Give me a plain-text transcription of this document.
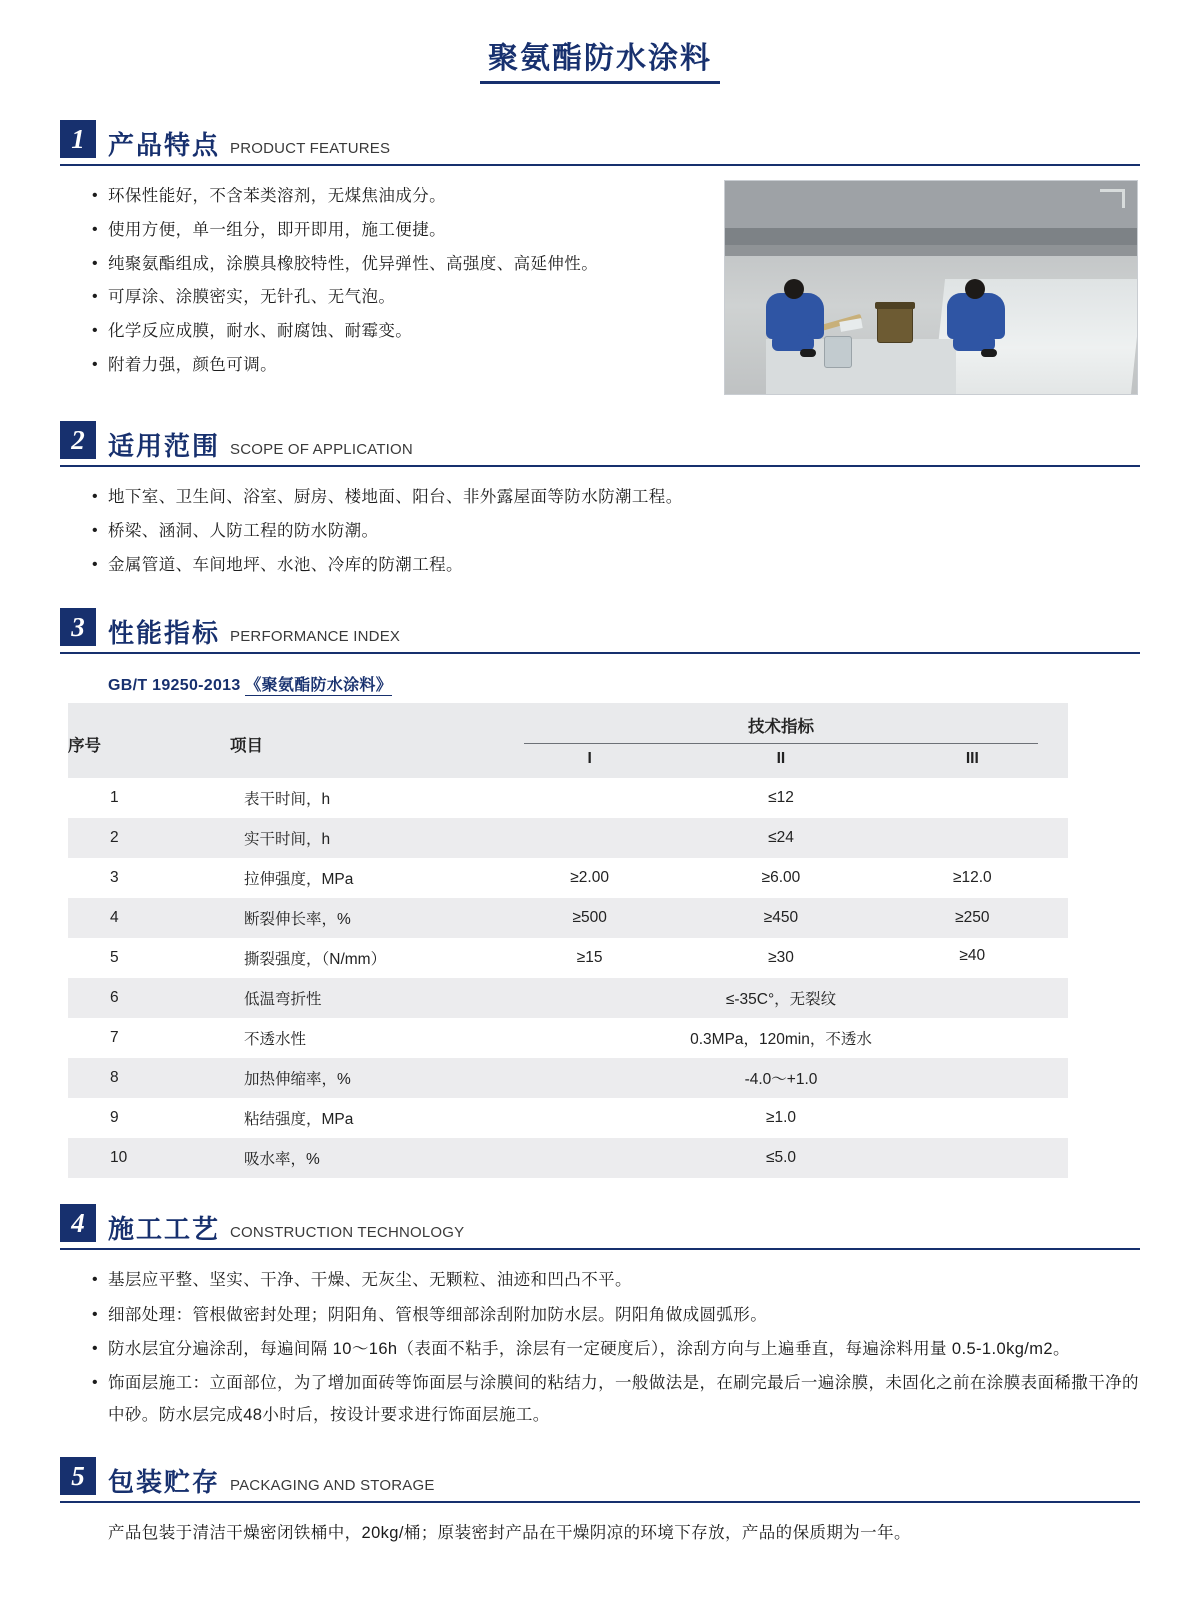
聚氨酯防水涂料
1 产品特点 PRODUCT FEATURES
• 环保性能好，不含苯类溶剂，无煤焦油成分。
• 使用方便，单一组分，即开即用，施工便捷。
• 纯聚氨酯组成，涂膜具橡胶特性，优异弹性、高强度、高延伸性。
• 可厚涂、涂膜密实，无针孔、无气泡。
• 化学反应成膜，耐水、耐腐蚀、耐霉变。
• 附着力强，颜色可调。
2 适用范围 SCOPE OF APPLICATION
• 地下室、卫生间、浴室、厨房、楼地面、阳台、非外露屋面等防水防潮工程。
• 桥梁、涵洞、人防工程的防水防潮。
• 金属管道、车间地坪、水池、冷库的防潮工程。
3 性能指标 PERFORMANCE INDEX
GB/T 19250-2013 《聚氨酯防水涂料》
序号	项目	技术指标		

		I	II	III
1	表干时间，h	≤12		
2	实干时间，h	≤24		
3	拉伸强度，MPa	≥2.00	≥6.00	≥12.0
4	断裂伸长率，%	≥500	≥450	≥250
5	撕裂强度，（N/mm）	≥15	≥30	≥40
6	低温弯折性	≤-35C°，无裂纹		
7	不透水性	0.3MPa，120min，不透水		
8	加热伸缩率，%	-4.0～+1.0		
9	粘结强度，MPa	≥1.0		
10	吸水率，%	≤5.0		
4 施工工艺 CONSTRUCTION TECHNOLOGY
• 基层应平整、坚实、干净、干燥、无灰尘、无颗粒、油迹和凹凸不平。
• 细部处理：管根做密封处理；阴阳角、管根等细部涂刮附加防水层。阴阳角做成圆弧形。
• 防水层宜分遍涂刮，每遍间隔 10～16h（表面不粘手，涂层有一定硬度后），涂刮方向与上遍垂直，每遍涂料用量 0.5-1.0kg/m2。
• 饰面层施工：立面部位，为了增加面砖等饰面层与涂膜间的粘结力，一般做法是，在刷完最后一遍涂膜，未固化之前在涂膜表面稀撒干净的中砂。防水层完成48小时后，按设计要求进行饰面层施工。
5 包装贮存 PACKAGING AND STORAGE
产品包装于清洁干燥密闭铁桶中，20kg/桶；原装密封产品在干燥阴凉的环境下存放，产品的保质期为一年。
